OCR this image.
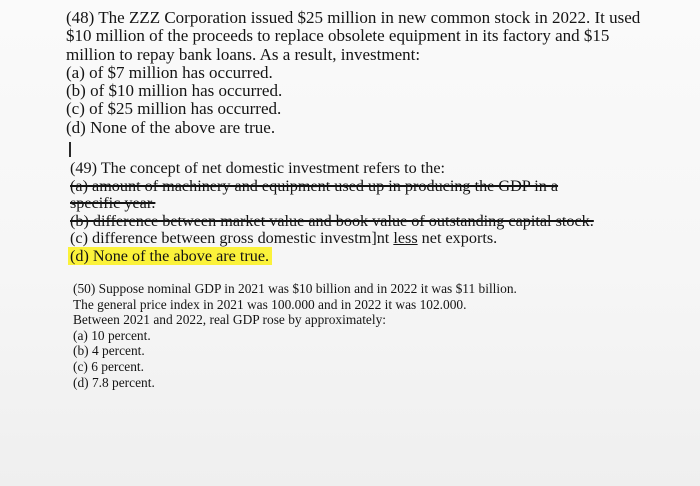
(48) The ZZZ Corporation issued $25 million in new common stock in 2022. It used
$10 million of the proceeds to replace obsolete equipment in its factory and $15
million to repay bank loans. As a result, investment:
(a) of $7 million has occurred.
(b) of $10 million has occurred.
(c) of $25 million has occurred.
(d) None of the above are true.
(49) The concept of net domestic investment refers to the:
(a) amount of machinery and equipment used up in producing the GDP in a
specific year.
(b) difference between market value and book value of outstanding capital stock.
(c) difference between gross domestic investm]nt less net exports.
(d) None of the above are true.
(50) Suppose nominal GDP in 2021 was $10 billion and in 2022 it was $11 billion.
The general price index in 2021 was 100.000 and in 2022 it was 102.000.
Between 2021 and 2022, real GDP rose by approximately:
(a) 10 percent.
(b) 4 percent.
(c) 6 percent.
(d) 7.8 percent.
